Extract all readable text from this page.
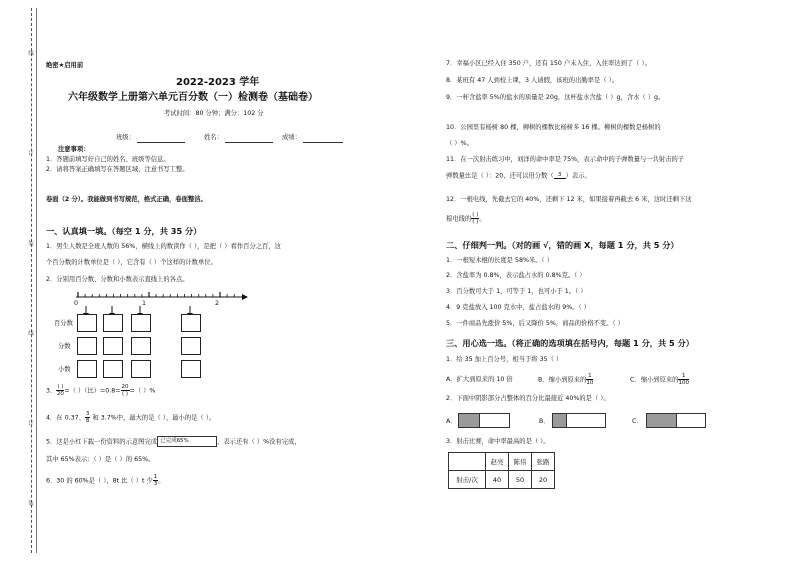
线
订
装
线
订
装
绝密★启用前
2022-2023 学年
六年级数学上册第六单元百分数（一）检测卷（基础卷）
考试时间：80 分钟；满分：102 分
班级：	姓名：	成绩：
注意事项：
1．答题前填写好自己的姓名、班级等信息。
2．请将答案正确填写在答题区域，注意书写工整。
卷面（2 分）。我能做到书写规范，格式正确，卷面整洁。
一、认真填一填。（每空 1 分，共 35 分）
1．男生人数是全班人数的 56%，横线上的数读作（ ），是把（ ）看作百分之百，这
个百分数的计数单位是（ ），它含有（ ）个这样的计数单位。
2．分别用百分数、分数和小数表示直线上的各点。
0	1	2
百分数
分数
小数
3． $\frac{( )}{20}$ =（ ）（比）$=0.8= \frac{20}{( )}$ =（ ）%
4．在 0.37、 $\frac{3}{8}$ 和 3.7%中，最大的是（ ），最小的是（ ）。
5．这是小红下载一份资料的示意图完成 已完成65%	，表示还有（ ）%没有完成，
其中 65%表示：（ ）是（ ）的 65%。
6．30 的 60%是（ ），8t 比（ ）t 少 $\frac{1}{3}$ 。
7．幸福小区已经入住 350 户，还有 150 户未入住，入住率达到了（ ）。
8．某班有 47 人到校上课，3 人请假，该班的出勤率是（ ）。
9．一杯含盐率 5%的盐水的质量是 20g，这杯盐水含盐（ ）g，含水（ ）g。
10．公园里有杨树 80 棵，柳树的棵数比杨树多 16 棵。柳树的棵数是杨树的
（ ）%。
11．在一次射击练习中，刘洋的命中率是 75%，表示命中的子弹数量与一共射击的子
弹数量比是（ ）：20，还可以用分数（ 3 ）表示。
12．一根电线，先截去它的 40%，还剩下 12 米，如果接着再截去 6 米，这时还剩下这
根电线的 $\frac{( )}{( )}$ 。
二、仔细判一判。（对的画 √，错的画 X，每题 1 分，共 5 分）
1．一根短木棍的长度是 58%米。（ ）
2．含盐率为 0.8%，表示盐占水的 0.8%克。（ ）
3．百分数可大于 1，可等于 1，也可小于 1。（ ）
4．9 克盐放入 100 克水中，盐占盐水的 9%。（ ）
5．一件商品先涨价 5%，后又降价 5%，商品的价格不变。（ ）
三、用心选一选。（将正确的选项填在括号内，每题 1 分，共 5 分）
1．给 35 加上百分号，相当于将 35（ ）
A．扩大到原来的 10 倍	B．缩小到原来的 $\frac{1}{10}$	C．缩小到原来的 $\frac{1}{100}$
2．下面中阴影部分占整体的百分比最接近 40%的是（ ）。
A．	B．	C．
3．射击比赛，命中率最高的是（ ）。
	赵亮	陈伟	张路
射击/次	40	50	20
